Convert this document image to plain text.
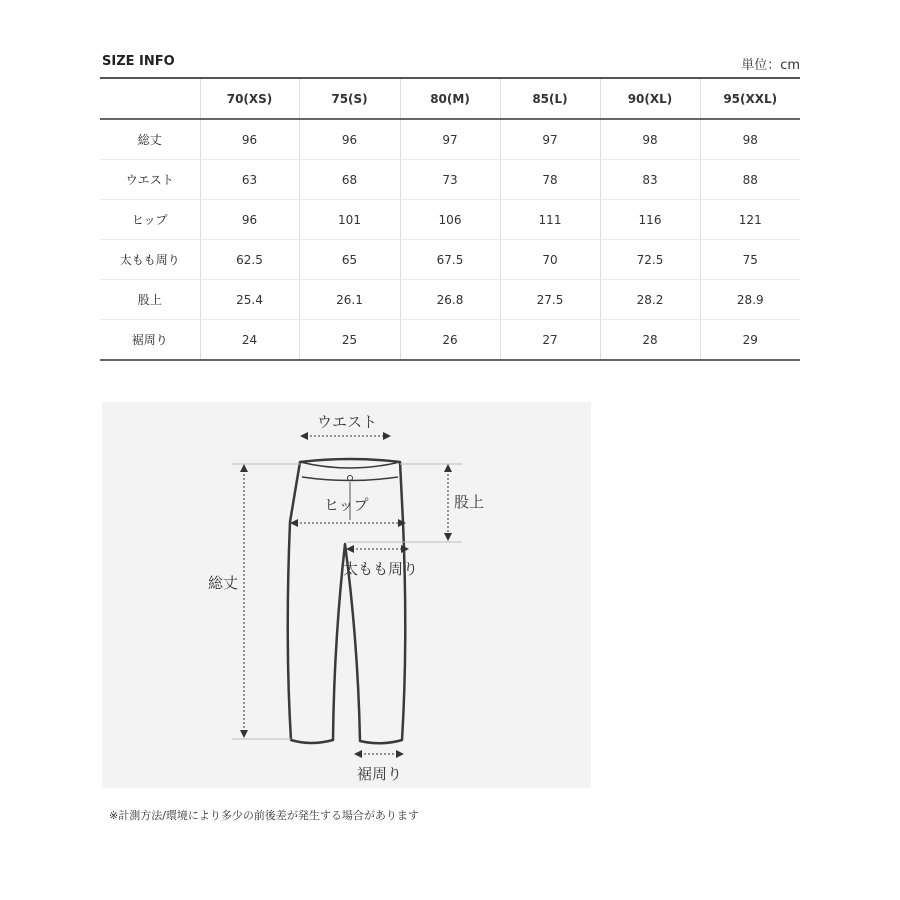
SIZE INFO	単位：cm
	70(XS)	75(S)	80(M)	85(L)	90(XL)	95(XXL)
総丈	96	96	97	97	98	98
ウエスト	63	68	73	78	83	88
ヒップ	96	101	106	111	116	121
太もも周り	62.5	65	67.5	70	72.5	75
股上	25.4	26.1	26.8	27.5	28.2	28.9
裾周り	24	25	26	27	28	29
ウエスト
ヒップ	股上
総丈
太もも周り
裾周り
※計測方法/環境により多少の前後差が発生する場合があります
